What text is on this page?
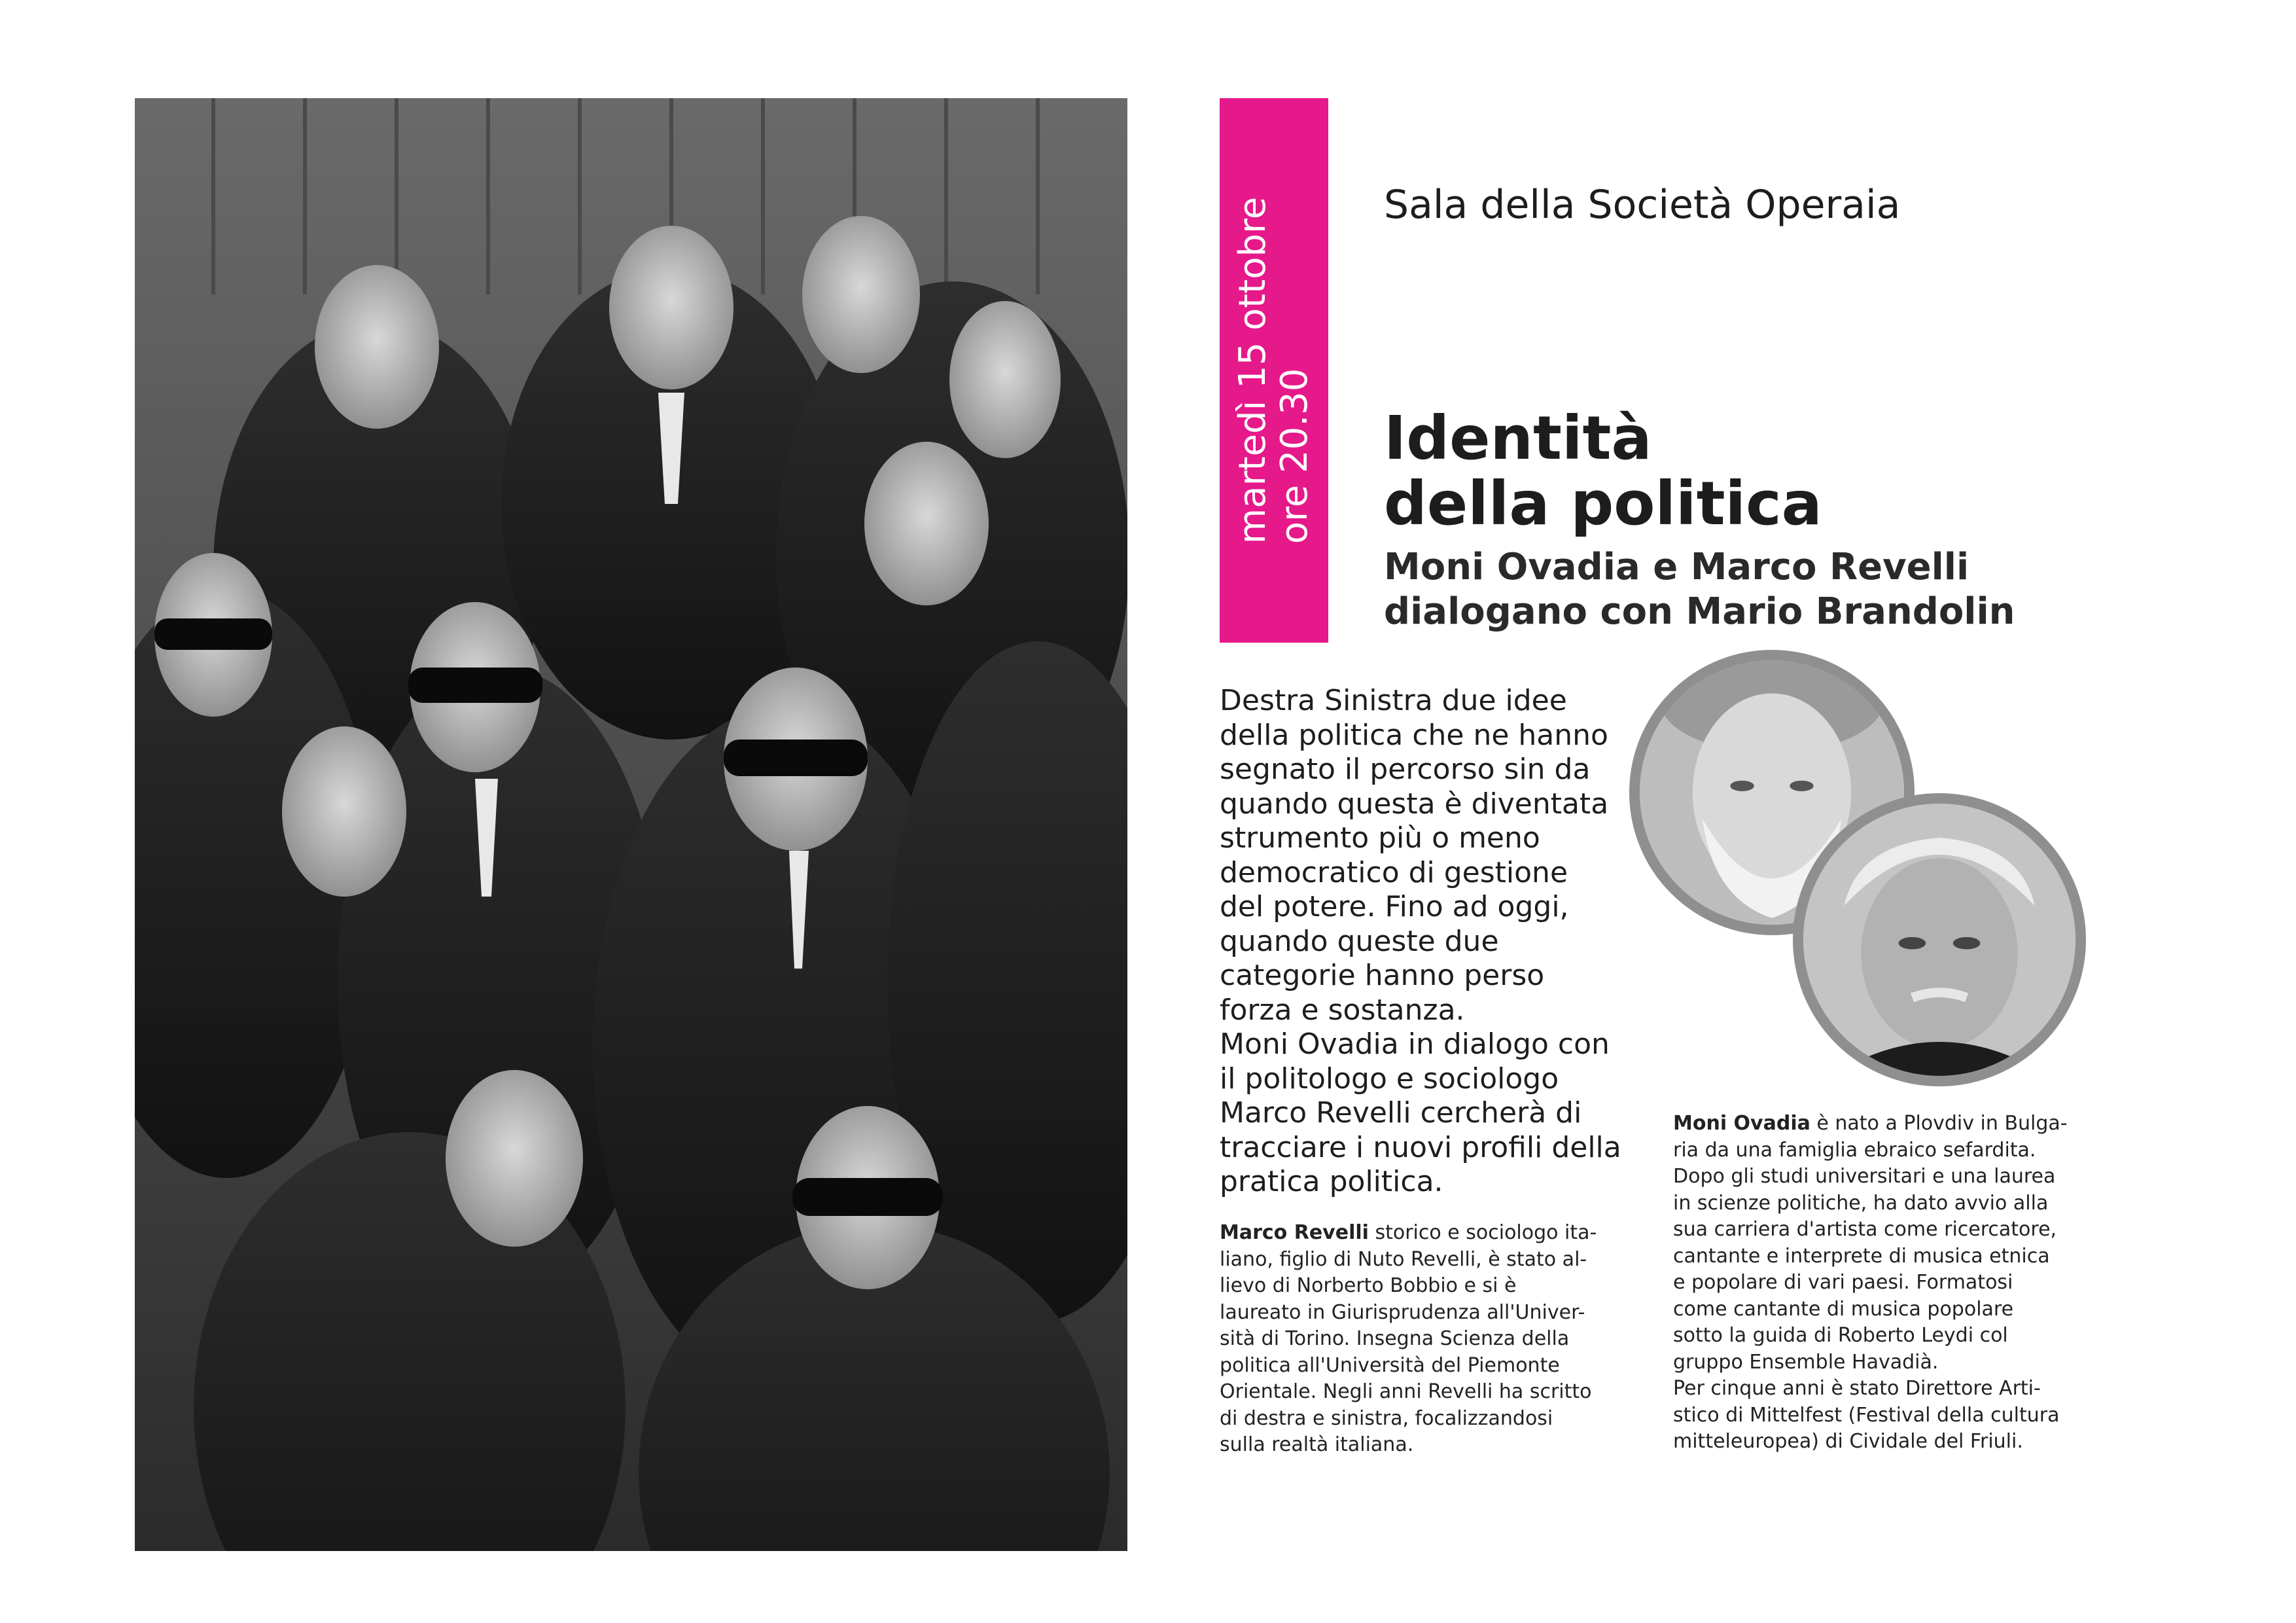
martedì 15 ottobre ore 20.30
Sala della Società Operaia
Identità
della politica
Moni Ovadia e Marco Revelli
dialogano con Mario Brandolin
Destra Sinistra due idee
della politica che ne hanno
segnato il percorso sin da
quando questa è diventata
strumento più o meno
democratico di gestione
del potere. Fino ad oggi,
quando queste due
categorie hanno perso
forza e sostanza.
Moni Ovadia in dialogo con
il politologo e sociologo
Marco Revelli cercherà di
tracciare i nuovi profili della
pratica politica.
Marco Revelli storico e sociologo ita-
liano, figlio di Nuto Revelli, è stato al-
lievo di Norberto Bobbio e si è
laureato in Giurisprudenza all'Univer-
sità di Torino. Insegna Scienza della
politica all'Università del Piemonte
Orientale. Negli anni Revelli ha scritto
di destra e sinistra, focalizzandosi
sulla realtà italiana.
Moni Ovadia è nato a Plovdiv in Bulga-
ria da una famiglia ebraico sefardita.
Dopo gli studi universitari e una laurea
in scienze politiche, ha dato avvio alla
sua carriera d'artista come ricercatore,
cantante e interprete di musica etnica
e popolare di vari paesi. Formatosi
come cantante di musica popolare
sotto la guida di Roberto Leydi col
gruppo Ensemble Havadià.
Per cinque anni è stato Direttore Arti-
stico di Mittelfest (Festival della cultura
mitteleuropea) di Cividale del Friuli.
